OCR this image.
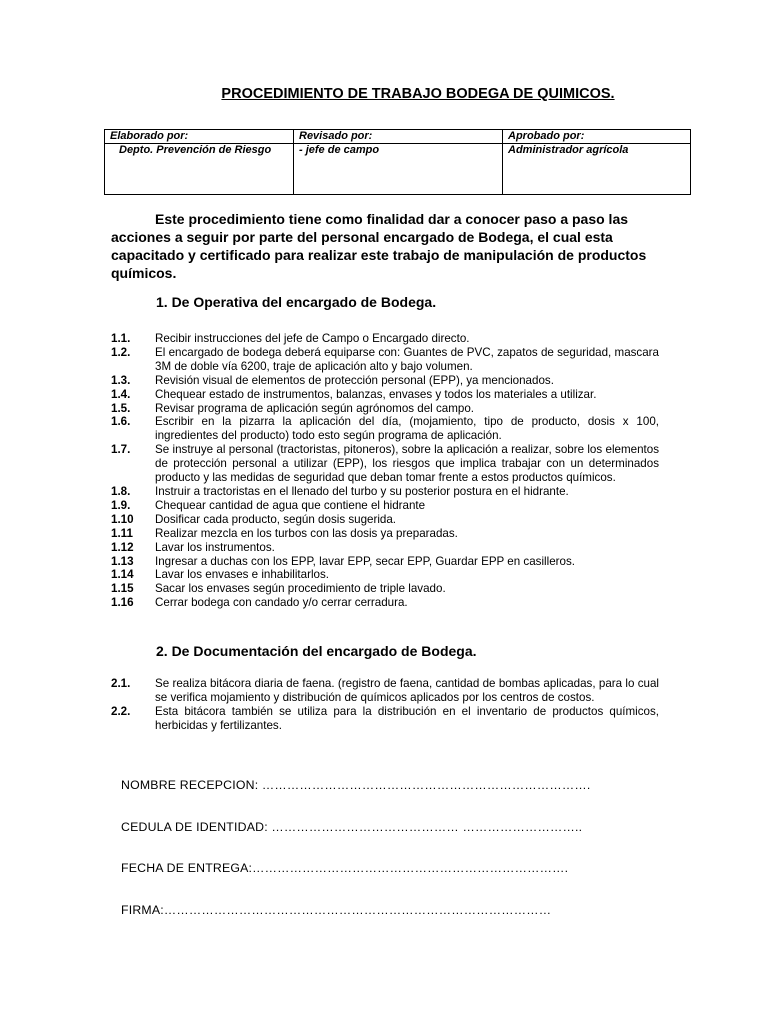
PROCEDIMIENTO DE TRABAJO BODEGA DE QUIMICOS.
Elaborado por:	Revisado por:	Aprobado por:
Depto. Prevención de Riesgo	- jefe de campo	Administrador agrícola
Este procedimiento tiene como finalidad dar a conocer paso a paso las acciones a seguir por parte del personal encargado de Bodega, el cual esta capacitado y certificado para realizar este trabajo de manipulación de productos químicos.
1. De Operativa del encargado de Bodega.
1.1.	Recibir instrucciones del jefe de Campo o Encargado directo.
1.2.	El encargado de bodega deberá equiparse con: Guantes de PVC, zapatos de seguridad, mascara 3M de doble vía 6200, traje de aplicación alto y bajo volumen.
1.3.	Revisión visual de elementos de protección personal (EPP), ya mencionados.
1.4.	Chequear estado de instrumentos, balanzas, envases y todos los materiales a utilizar.
1.5.	Revisar programa de aplicación según agrónomos del campo.
1.6.	Escribir en la pizarra la aplicación del día, (mojamiento, tipo de producto, dosis x 100, ingredientes del producto) todo esto según programa de aplicación.
1.7.	Se instruye al personal (tractoristas, pitoneros), sobre la aplicación a realizar, sobre los elementos de protección personal a utilizar (EPP), los riesgos que implica trabajar con un determinados producto y las medidas de seguridad que deban tomar frente a estos productos químicos.
1.8.	Instruir a tractoristas en el llenado del turbo y su posterior postura en el hidrante.
1.9.	Chequear cantidad de agua que contiene el hidrante
1.10	Dosificar cada producto, según dosis sugerida.
1.11	Realizar mezcla en los turbos con las dosis ya preparadas.
1.12	Lavar los instrumentos.
1.13	Ingresar a duchas con los EPP, lavar EPP, secar EPP, Guardar EPP en casilleros.
1.14	Lavar los envases e inhabilitarlos.
1.15	Sacar los envases según procedimiento de triple lavado.
1.16	Cerrar bodega con candado y/o cerrar cerradura.
2. De Documentación del encargado de Bodega.
2.1.	Se realiza bitácora diaria de faena. (registro de faena, cantidad de bombas aplicadas, para lo cual se verifica mojamiento y distribución de químicos aplicados por los centros de costos.
2.2.	Esta bitácora también se utiliza para la distribución en el inventario de productos químicos, herbicidas y fertilizantes.
NOMBRE RECEPCION: …………………………………………………………………….
CEDULA DE IDENTIDAD: ……………………………………… ………………………..
FECHA DE ENTREGA:………………………………………………………………….
FIRMA:…………………………………………………………………………………
